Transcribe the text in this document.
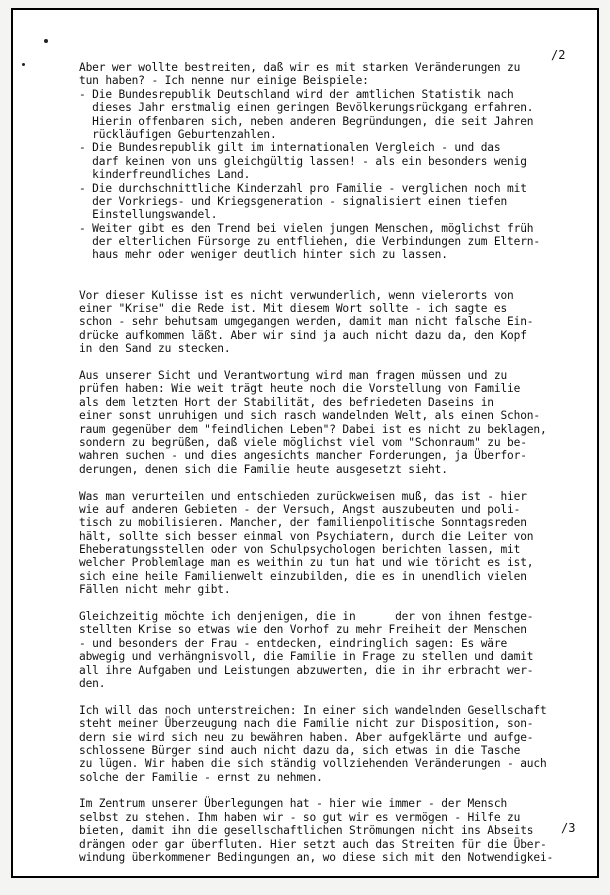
/2
Aber wer wollte bestreiten, daß wir es mit starken Veränderungen zu
tun haben? - Ich nenne nur einige Beispiele:
- Die Bundesrepublik Deutschland wird der amtlichen Statistik nach
dieses Jahr erstmalig einen geringen Bevölkerungsrückgang erfahren.
Hierin offenbaren sich, neben anderen Begründungen, die seit Jahren
rückläufigen Geburtenzahlen.
- Die Bundesrepublik gilt im internationalen Vergleich - und das
darf keinen von uns gleichgültig lassen! - als ein besonders wenig
kinderfreundliches Land.
- Die durchschnittliche Kinderzahl pro Familie - verglichen noch mit
der Vorkriegs- und Kriegsgeneration - signalisiert einen tiefen
Einstellungswandel.
- Weiter gibt es den Trend bei vielen jungen Menschen, möglichst früh
der elterlichen Fürsorge zu entfliehen, die Verbindungen zum Eltern-
haus mehr oder weniger deutlich hinter sich zu lassen.
Vor dieser Kulisse ist es nicht verwunderlich, wenn vielerorts von
einer "Krise" die Rede ist. Mit diesem Wort sollte - ich sagte es
schon - sehr behutsam umgegangen werden, damit man nicht falsche Ein-
drücke aufkommen läßt. Aber wir sind ja auch nicht dazu da, den Kopf
in den Sand zu stecken.
Aus unserer Sicht und Verantwortung wird man fragen müssen und zu
prüfen haben: Wie weit trägt heute noch die Vorstellung von Familie
als dem letzten Hort der Stabilität, des befriedeten Daseins in
einer sonst unruhigen und sich rasch wandelnden Welt, als einen Schon-
raum gegenüber dem "feindlichen Leben"? Dabei ist es nicht zu beklagen,
sondern zu begrüßen, daß viele möglichst viel vom "Schonraum" zu be-
wahren suchen - und dies angesichts mancher Forderungen, ja Überfor-
derungen, denen sich die Familie heute ausgesetzt sieht.
Was man verurteilen und entschieden zurückweisen muß, das ist - hier
wie auf anderen Gebieten - der Versuch, Angst auszubeuten und poli-
tisch zu mobilisieren. Mancher, der familienpolitische Sonntagsreden
hält, sollte sich besser einmal von Psychiatern, durch die Leiter von
Eheberatungsstellen oder von Schulpsychologen berichten lassen, mit
welcher Problemlage man es weithin zu tun hat und wie töricht es ist,
sich eine heile Familienwelt einzubilden, die es in unendlich vielen
Fällen nicht mehr gibt.
Gleichzeitig möchte ich denjenigen, die in      der von ihnen festge-
stellten Krise so etwas wie den Vorhof zu mehr Freiheit der Menschen
- und besonders der Frau - entdecken, eindringlich sagen: Es wäre
abwegig und verhängnisvoll, die Familie in Frage zu stellen und damit
all ihre Aufgaben und Leistungen abzuwerten, die in ihr erbracht wer-
den.
Ich will das noch unterstreichen: In einer sich wandelnden Gesellschaft
steht meiner Überzeugung nach die Familie nicht zur Disposition, son-
dern sie wird sich neu zu bewähren haben. Aber aufgeklärte und aufge-
schlossene Bürger sind auch nicht dazu da, sich etwas in die Tasche
zu lügen. Wir haben die sich ständig vollziehenden Veränderungen - auch
solche der Familie - ernst zu nehmen.
Im Zentrum unserer Überlegungen hat - hier wie immer - der Mensch
selbst zu stehen. Ihm haben wir - so gut wir es vermögen - Hilfe zu
bieten, damit ihn die gesellschaftlichen Strömungen nicht ins Abseits
drängen oder gar überfluten. Hier setzt auch das Streiten für die Über-
windung überkommener Bedingungen an, wo diese sich mit den Notwendigkei-
/3
